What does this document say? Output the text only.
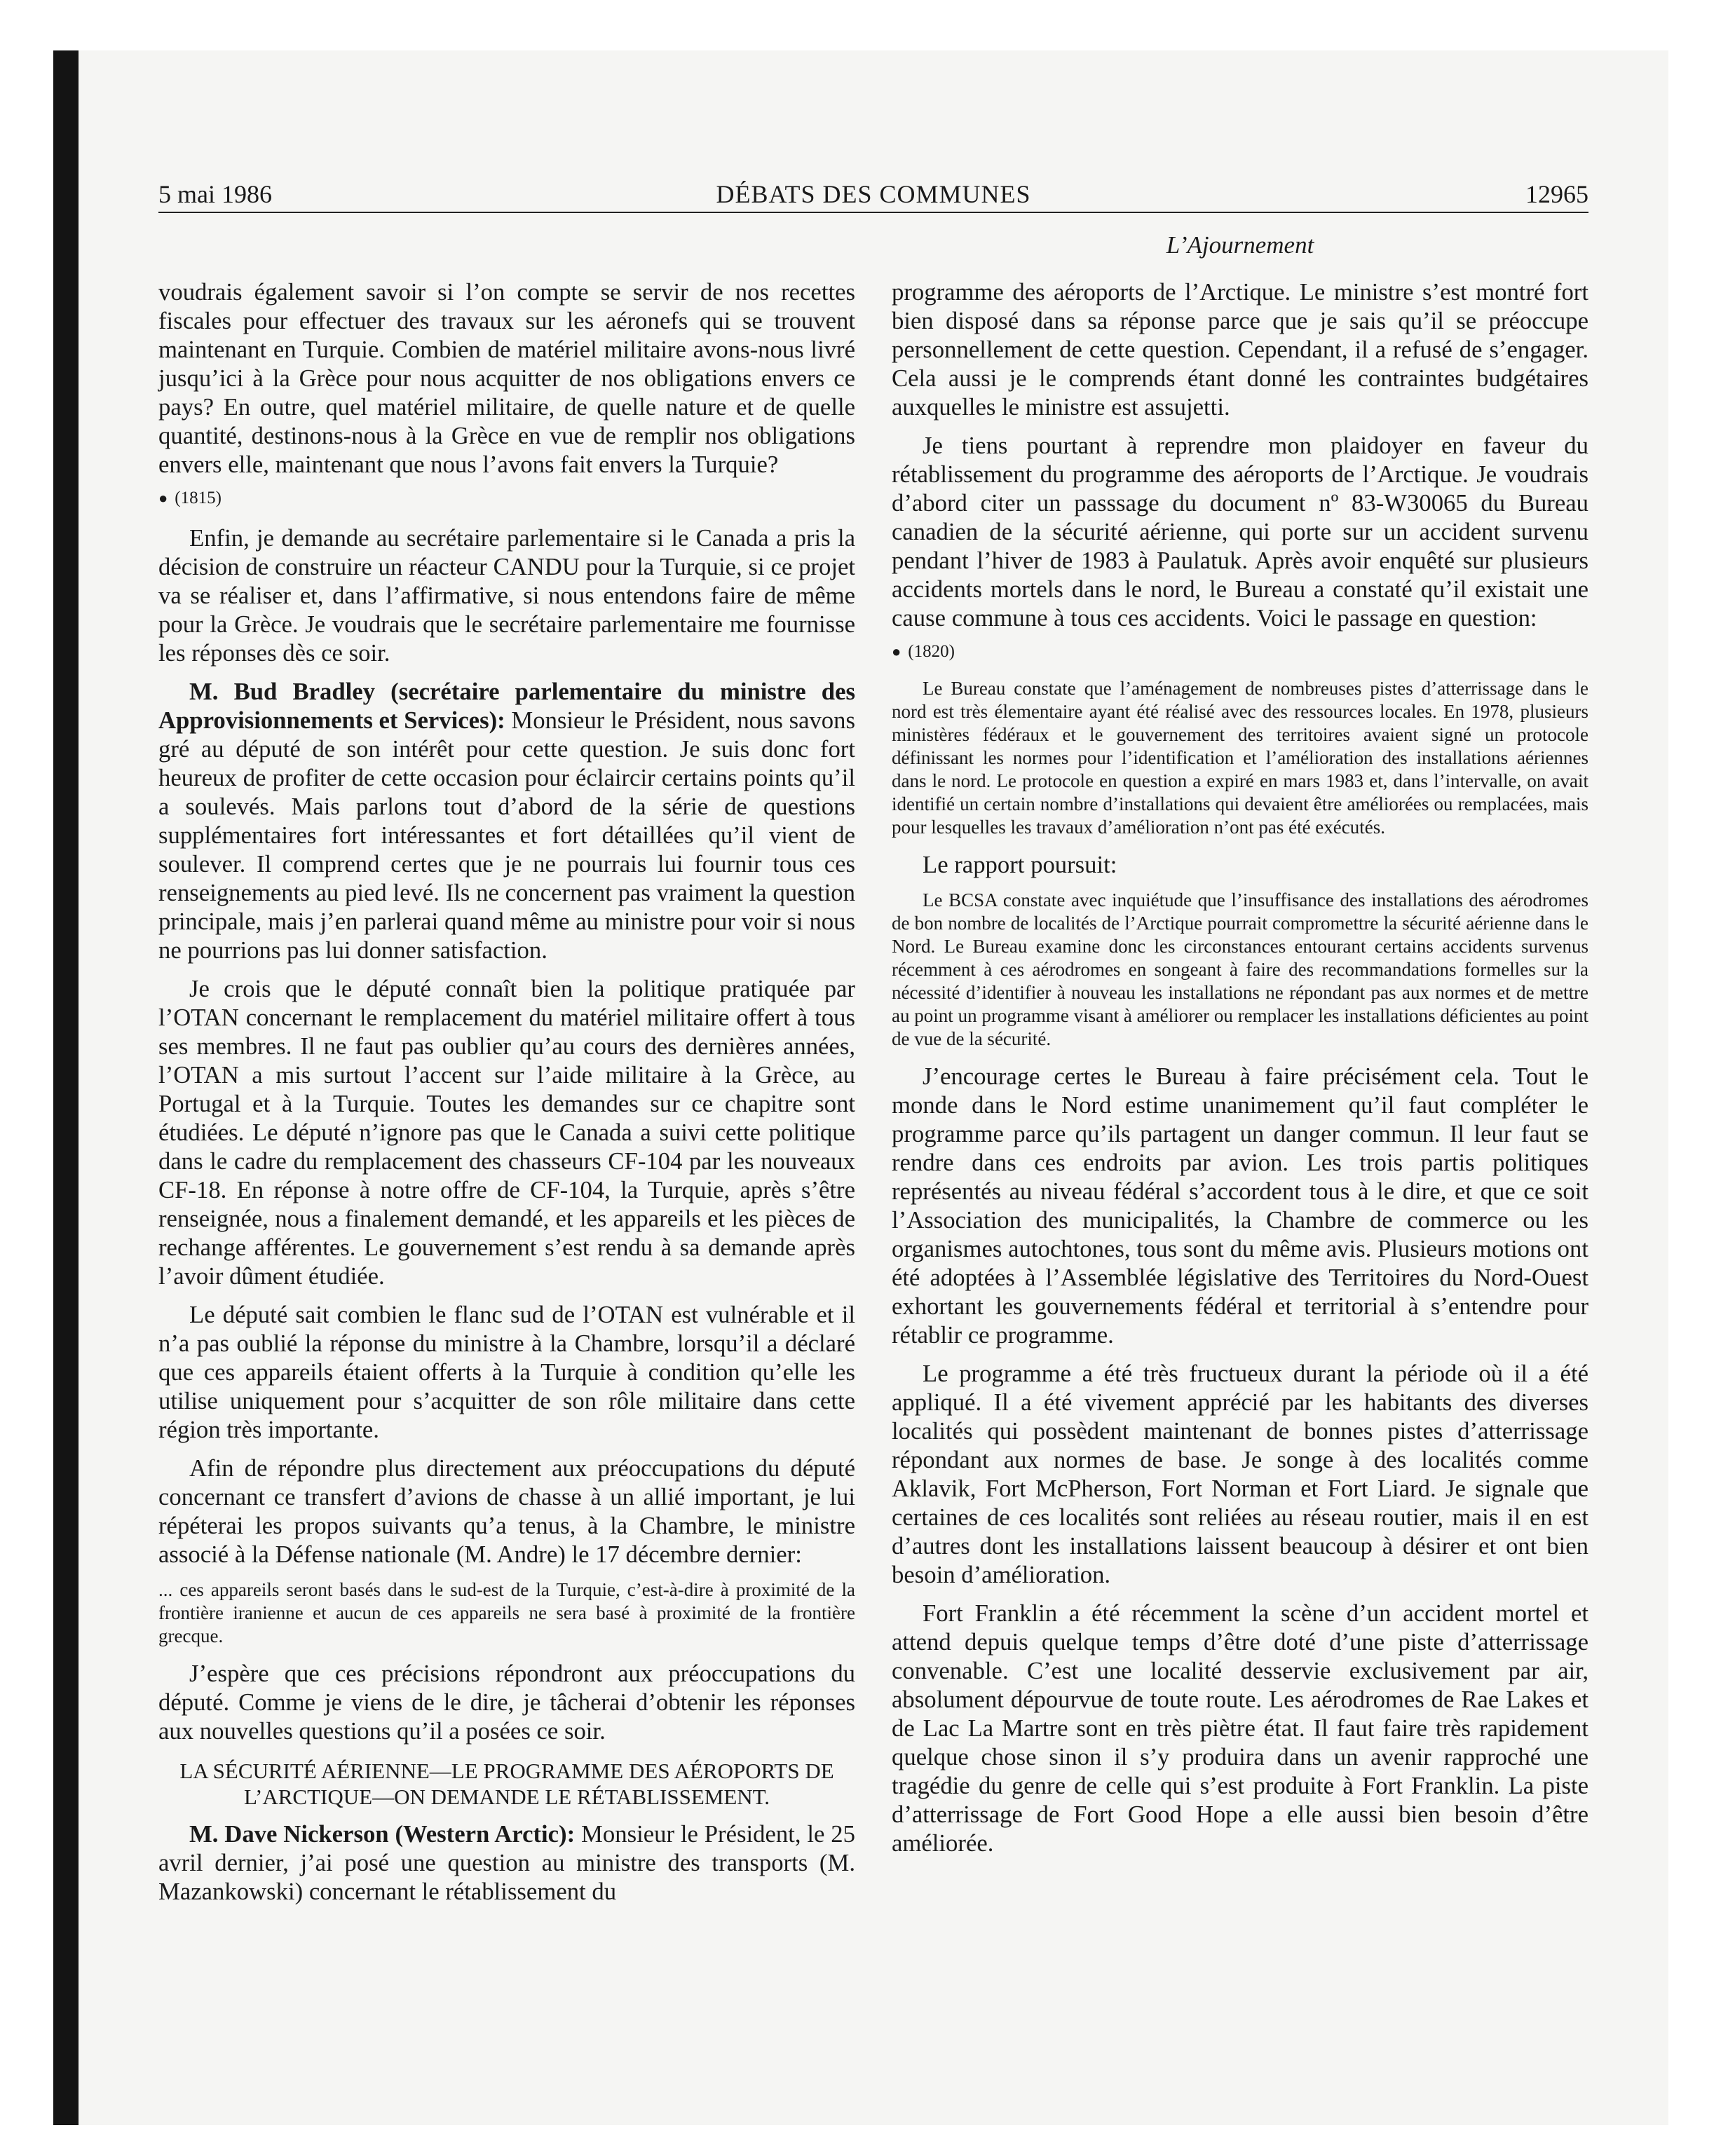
5 mai 1986	DÉBATS DES COMMUNES	12965
L’Ajournement

voudrais également savoir si l’on compte se servir de nos recettes fiscales pour effectuer des travaux sur les aéronefs qui se trouvent maintenant en Turquie. Combien de matériel militaire avons-nous livré jusqu’ici à la Grèce pour nous acquitter de nos obligations envers ce pays? En outre, quel matériel militaire, de quelle nature et de quelle quantité, destinons-nous à la Grèce en vue de remplir nos obligations envers elle, maintenant que nous l’avons fait envers la Turquie?

● (1815)

Enfin, je demande au secrétaire parlementaire si le Canada a pris la décision de construire un réacteur CANDU pour la Turquie, si ce projet va se réaliser et, dans l’affirmative, si nous entendons faire de même pour la Grèce. Je voudrais que le secrétaire parlementaire me fournisse les réponses dès ce soir.

M. Bud Bradley (secrétaire parlementaire du ministre des Approvisionnements et Services): Monsieur le Président, nous savons gré au député de son intérêt pour cette question. Je suis donc fort heureux de profiter de cette occasion pour éclaircir certains points qu’il a soulevés. Mais parlons tout d’abord de la série de questions supplémentaires fort intéressantes et fort détaillées qu’il vient de soulever. Il comprend certes que je ne pourrais lui fournir tous ces renseignements au pied levé. Ils ne concernent pas vraiment la question principale, mais j’en parlerai quand même au ministre pour voir si nous ne pourrions pas lui donner satisfaction.

Je crois que le député connaît bien la politique pratiquée par l’OTAN concernant le remplacement du matériel militaire offert à tous ses membres. Il ne faut pas oublier qu’au cours des dernières années, l’OTAN a mis surtout l’accent sur l’aide militaire à la Grèce, au Portugal et à la Turquie. Toutes les demandes sur ce chapitre sont étudiées. Le député n’ignore pas que le Canada a suivi cette politique dans le cadre du remplacement des chasseurs CF-104 par les nouveaux CF-18. En réponse à notre offre de CF-104, la Turquie, après s’être renseignée, nous a finalement demandé, et les appareils et les pièces de rechange afférentes. Le gouvernement s’est rendu à sa demande après l’avoir dûment étudiée.

Le député sait combien le flanc sud de l’OTAN est vulnérable et il n’a pas oublié la réponse du ministre à la Chambre, lorsqu’il a déclaré que ces appareils étaient offerts à la Turquie à condition qu’elle les utilise uniquement pour s’acquitter de son rôle militaire dans cette région très importante.

Afin de répondre plus directement aux préoccupations du député concernant ce transfert d’avions de chasse à un allié important, je lui répéterai les propos suivants qu’a tenus, à la Chambre, le ministre associé à la Défense nationale (M. Andre) le 17 décembre dernier:

... ces appareils seront basés dans le sud-est de la Turquie, c’est-à-dire à proximité de la frontière iranienne et aucun de ces appareils ne sera basé à proximité de la frontière grecque.

J’espère que ces précisions répondront aux préoccupations du député. Comme je viens de le dire, je tâcherai d’obtenir les réponses aux nouvelles questions qu’il a posées ce soir.

LA SÉCURITÉ AÉRIENNE—LE PROGRAMME DES AÉROPORTS DE L’ARCTIQUE—ON DEMANDE LE RÉTABLISSEMENT.

M. Dave Nickerson (Western Arctic): Monsieur le Président, le 25 avril dernier, j’ai posé une question au ministre des transports (M. Mazankowski) concernant le rétablissement du

programme des aéroports de l’Arctique. Le ministre s’est montré fort bien disposé dans sa réponse parce que je sais qu’il se préoccupe personnellement de cette question. Cependant, il a refusé de s’engager. Cela aussi je le comprends étant donné les contraintes budgétaires auxquelles le ministre est assujetti.

Je tiens pourtant à reprendre mon plaidoyer en faveur du rétablissement du programme des aéroports de l’Arctique. Je voudrais d’abord citer un passsage du document nº 83-W30065 du Bureau canadien de la sécurité aérienne, qui porte sur un accident survenu pendant l’hiver de 1983 à Paulatuk. Après avoir enquêté sur plusieurs accidents mortels dans le nord, le Bureau a constaté qu’il existait une cause commune à tous ces accidents. Voici le passage en question:

● (1820)
Le Bureau constate que l’aménagement de nombreuses pistes d’atterrissage dans le nord est très élementaire ayant été réalisé avec des ressources locales. En 1978, plusieurs ministères fédéraux et le gouvernement des territoires avaient signé un protocole définissant les normes pour l’identification et l’amélioration des installations aériennes dans le nord. Le protocole en question a expiré en mars 1983 et, dans l’intervalle, on avait identifié un certain nombre d’installations qui devaient être améliorées ou remplacées, mais pour lesquelles les travaux d’amélioration n’ont pas été exécutés.

Le rapport poursuit:

Le BCSA constate avec inquiétude que l’insuffisance des installations des aérodromes de bon nombre de localités de l’Arctique pourrait compromettre la sécurité aérienne dans le Nord. Le Bureau examine donc les circonstances entourant certains accidents survenus récemment à ces aérodromes en songeant à faire des recommandations formelles sur la nécessité d’identifier à nouveau les installations ne répondant pas aux normes et de mettre au point un programme visant à améliorer ou remplacer les installations déficientes au point de vue de la sécurité.

J’encourage certes le Bureau à faire précisément cela. Tout le monde dans le Nord estime unanimement qu’il faut compléter le programme parce qu’ils partagent un danger commun. Il leur faut se rendre dans ces endroits par avion. Les trois partis politiques représentés au niveau fédéral s’accordent tous à le dire, et que ce soit l’Association des municipalités, la Chambre de commerce ou les organismes autochtones, tous sont du même avis. Plusieurs motions ont été adoptées à l’Assemblée législative des Territoires du Nord-Ouest exhortant les gouvernements fédéral et territorial à s’entendre pour rétablir ce programme.

Le programme a été très fructueux durant la période où il a été appliqué. Il a été vivement apprécié par les habitants des diverses localités qui possèdent maintenant de bonnes pistes d’atterrissage répondant aux normes de base. Je songe à des localités comme Aklavik, Fort McPherson, Fort Norman et Fort Liard. Je signale que certaines de ces localités sont reliées au réseau routier, mais il en est d’autres dont les installations laissent beaucoup à désirer et ont bien besoin d’amélioration.

Fort Franklin a été récemment la scène d’un accident mortel et attend depuis quelque temps d’être doté d’une piste d’atterrissage convenable. C’est une localité desservie exclusivement par air, absolument dépourvue de toute route. Les aérodromes de Rae Lakes et de Lac La Martre sont en très piètre état. Il faut faire très rapidement quelque chose sinon il s’y produira dans un avenir rapproché une tragédie du genre de celle qui s’est produite à Fort Franklin. La piste d’atterrissage de Fort Good Hope a elle aussi bien besoin d’être améliorée.
